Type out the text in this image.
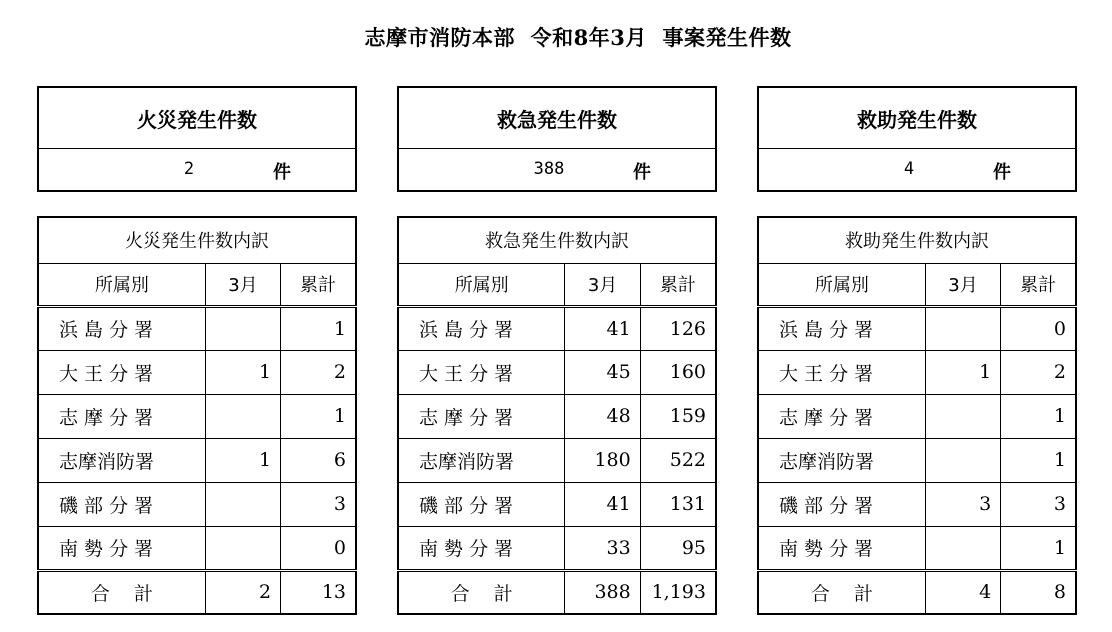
志摩市消防本部  令和8年3月  事案発生件数
火災発生件数
2	件
救急発生件数
388	件
救助発生件数
4	件
火災発生件数内訳		
所属別	3月	累計
浜 島 分 署		1
大 王 分 署	1	2
志 摩 分 署		1
志摩消防署	1	6
磯 部 分 署		3
南 勢 分 署		0
合    計	2	13
救急発生件数内訳		
所属別	3月	累計
浜 島 分 署	41	126
大 王 分 署	45	160
志 摩 分 署	48	159
志摩消防署	180	522
磯 部 分 署	41	131
南 勢 分 署	33	95
合    計	388	1,193
救助発生件数内訳		
所属別	3月	累計
浜 島 分 署		0
大 王 分 署	1	2
志 摩 分 署		1
志摩消防署		1
磯 部 分 署	3	3
南 勢 分 署		1
合    計	4	8
